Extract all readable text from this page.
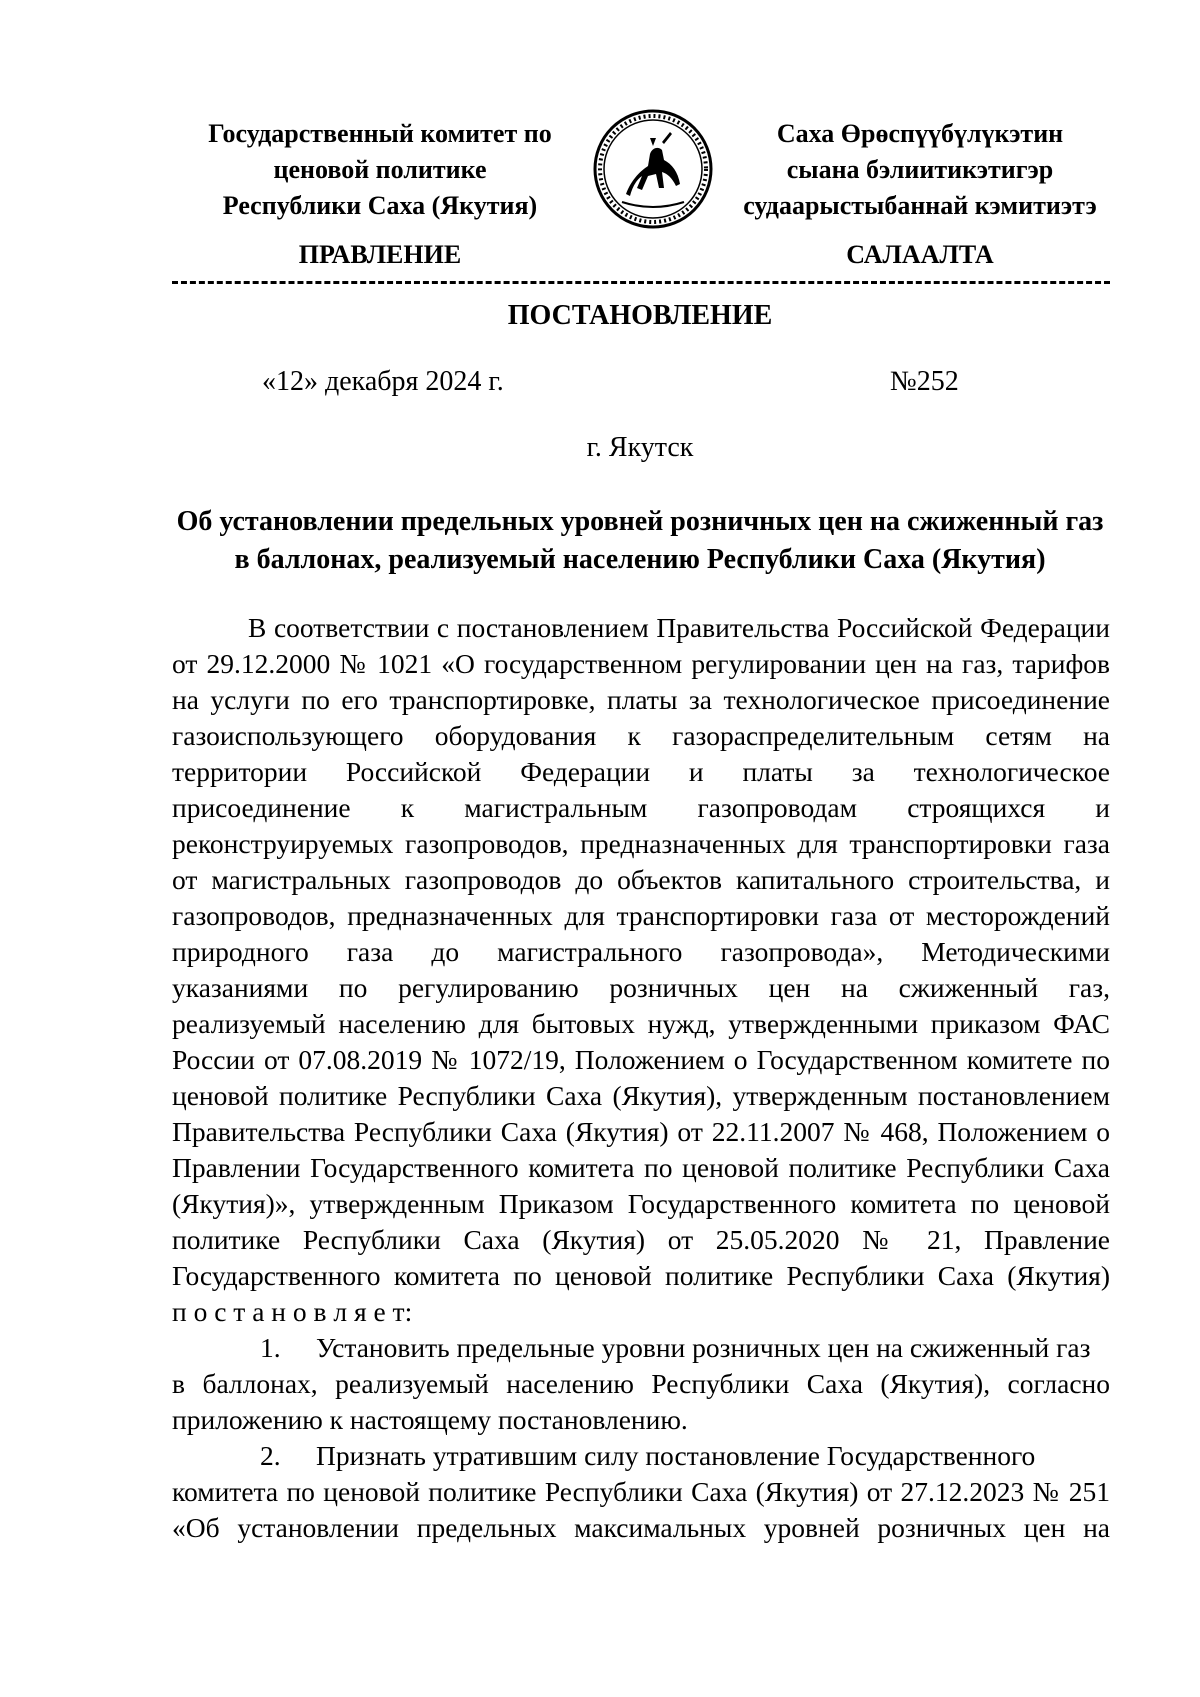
Государственный комитет по
ценовой политике
Республики Саха (Якутия)
Саха Өрөспүүбүлүкэтин
сыана бэлиитикэтигэр
судаарыстыбаннай кэмитиэтэ
ПРАВЛЕНИЕ	САЛААЛТА
ПОСТАНОВЛЕНИЕ
«12» декабря 2024 г.	№252
г. Якутск
Об установлении предельных уровней розничных цен на сжиженный газ
в баллонах, реализуемый населению Республики Саха (Якутия)
В соответствии с постановлением Правительства Российской Федерации
от 29.12.2000 № 1021 «О государственном регулировании цен на газ, тарифов
на услуги по его транспортировке, платы за технологическое присоединение
газоиспользующего оборудования к газораспределительным сетям на
территории Российской Федерации и платы за технологическое
присоединение к магистральным газопроводам строящихся и
реконструируемых газопроводов, предназначенных для транспортировки газа
от магистральных газопроводов до объектов капитального строительства, и
газопроводов, предназначенных для транспортировки газа от месторождений
природного газа до магистрального газопровода», Методическими
указаниями по регулированию розничных цен на сжиженный газ,
реализуемый населению для бытовых нужд, утвержденными приказом ФАС
России от 07.08.2019 № 1072/19, Положением о Государственном комитете по
ценовой политике Республики Саха (Якутия), утвержденным постановлением
Правительства Республики Саха (Якутия) от 22.11.2007 № 468, Положением о
Правлении Государственного комитета по ценовой политике Республики Саха
(Якутия)», утвержденным Приказом Государственного комитета по ценовой
политике Республики Саха (Якутия) от 25.05.2020 № 21, Правление
Государственного комитета по ценовой политике Республики Саха (Якутия)
п о с т а н о в л я е т:
1. Установить предельные уровни розничных цен на сжиженный газ
в баллонах, реализуемый населению Республики Саха (Якутия), согласно
приложению к настоящему постановлению.
2. Признать утратившим силу постановление Государственного
комитета по ценовой политике Республики Саха (Якутия) от 27.12.2023 № 251
«Об установлении предельных максимальных уровней розничных цен на
